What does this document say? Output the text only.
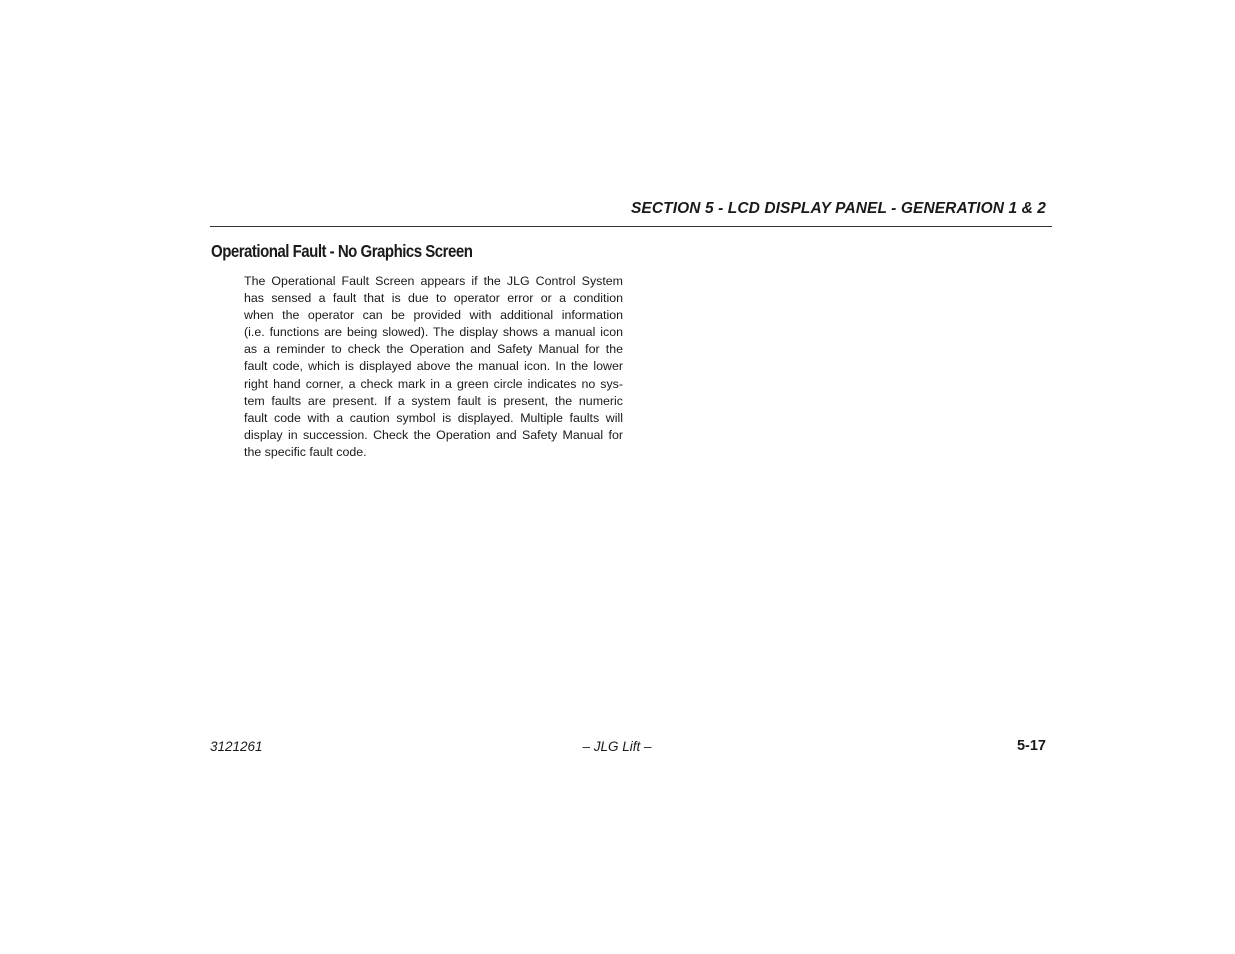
SECTION 5 - LCD DISPLAY PANEL - GENERATION 1 & 2
Operational Fault - No Graphics Screen
The Operational Fault Screen appears if the JLG Control System
has sensed a fault that is due to operator error or a condition
when the operator can be provided with additional information
(i.e. functions are being slowed). The display shows a manual icon
as a reminder to check the Operation and Safety Manual for the
fault code, which is displayed above the manual icon. In the lower
right hand corner, a check mark in a green circle indicates no sys-
tem faults are present. If a system fault is present, the numeric
fault code with a caution symbol is displayed. Multiple faults will
display in succession. Check the Operation and Safety Manual for
the specific fault code.
3121261	– JLG Lift –	5-17
